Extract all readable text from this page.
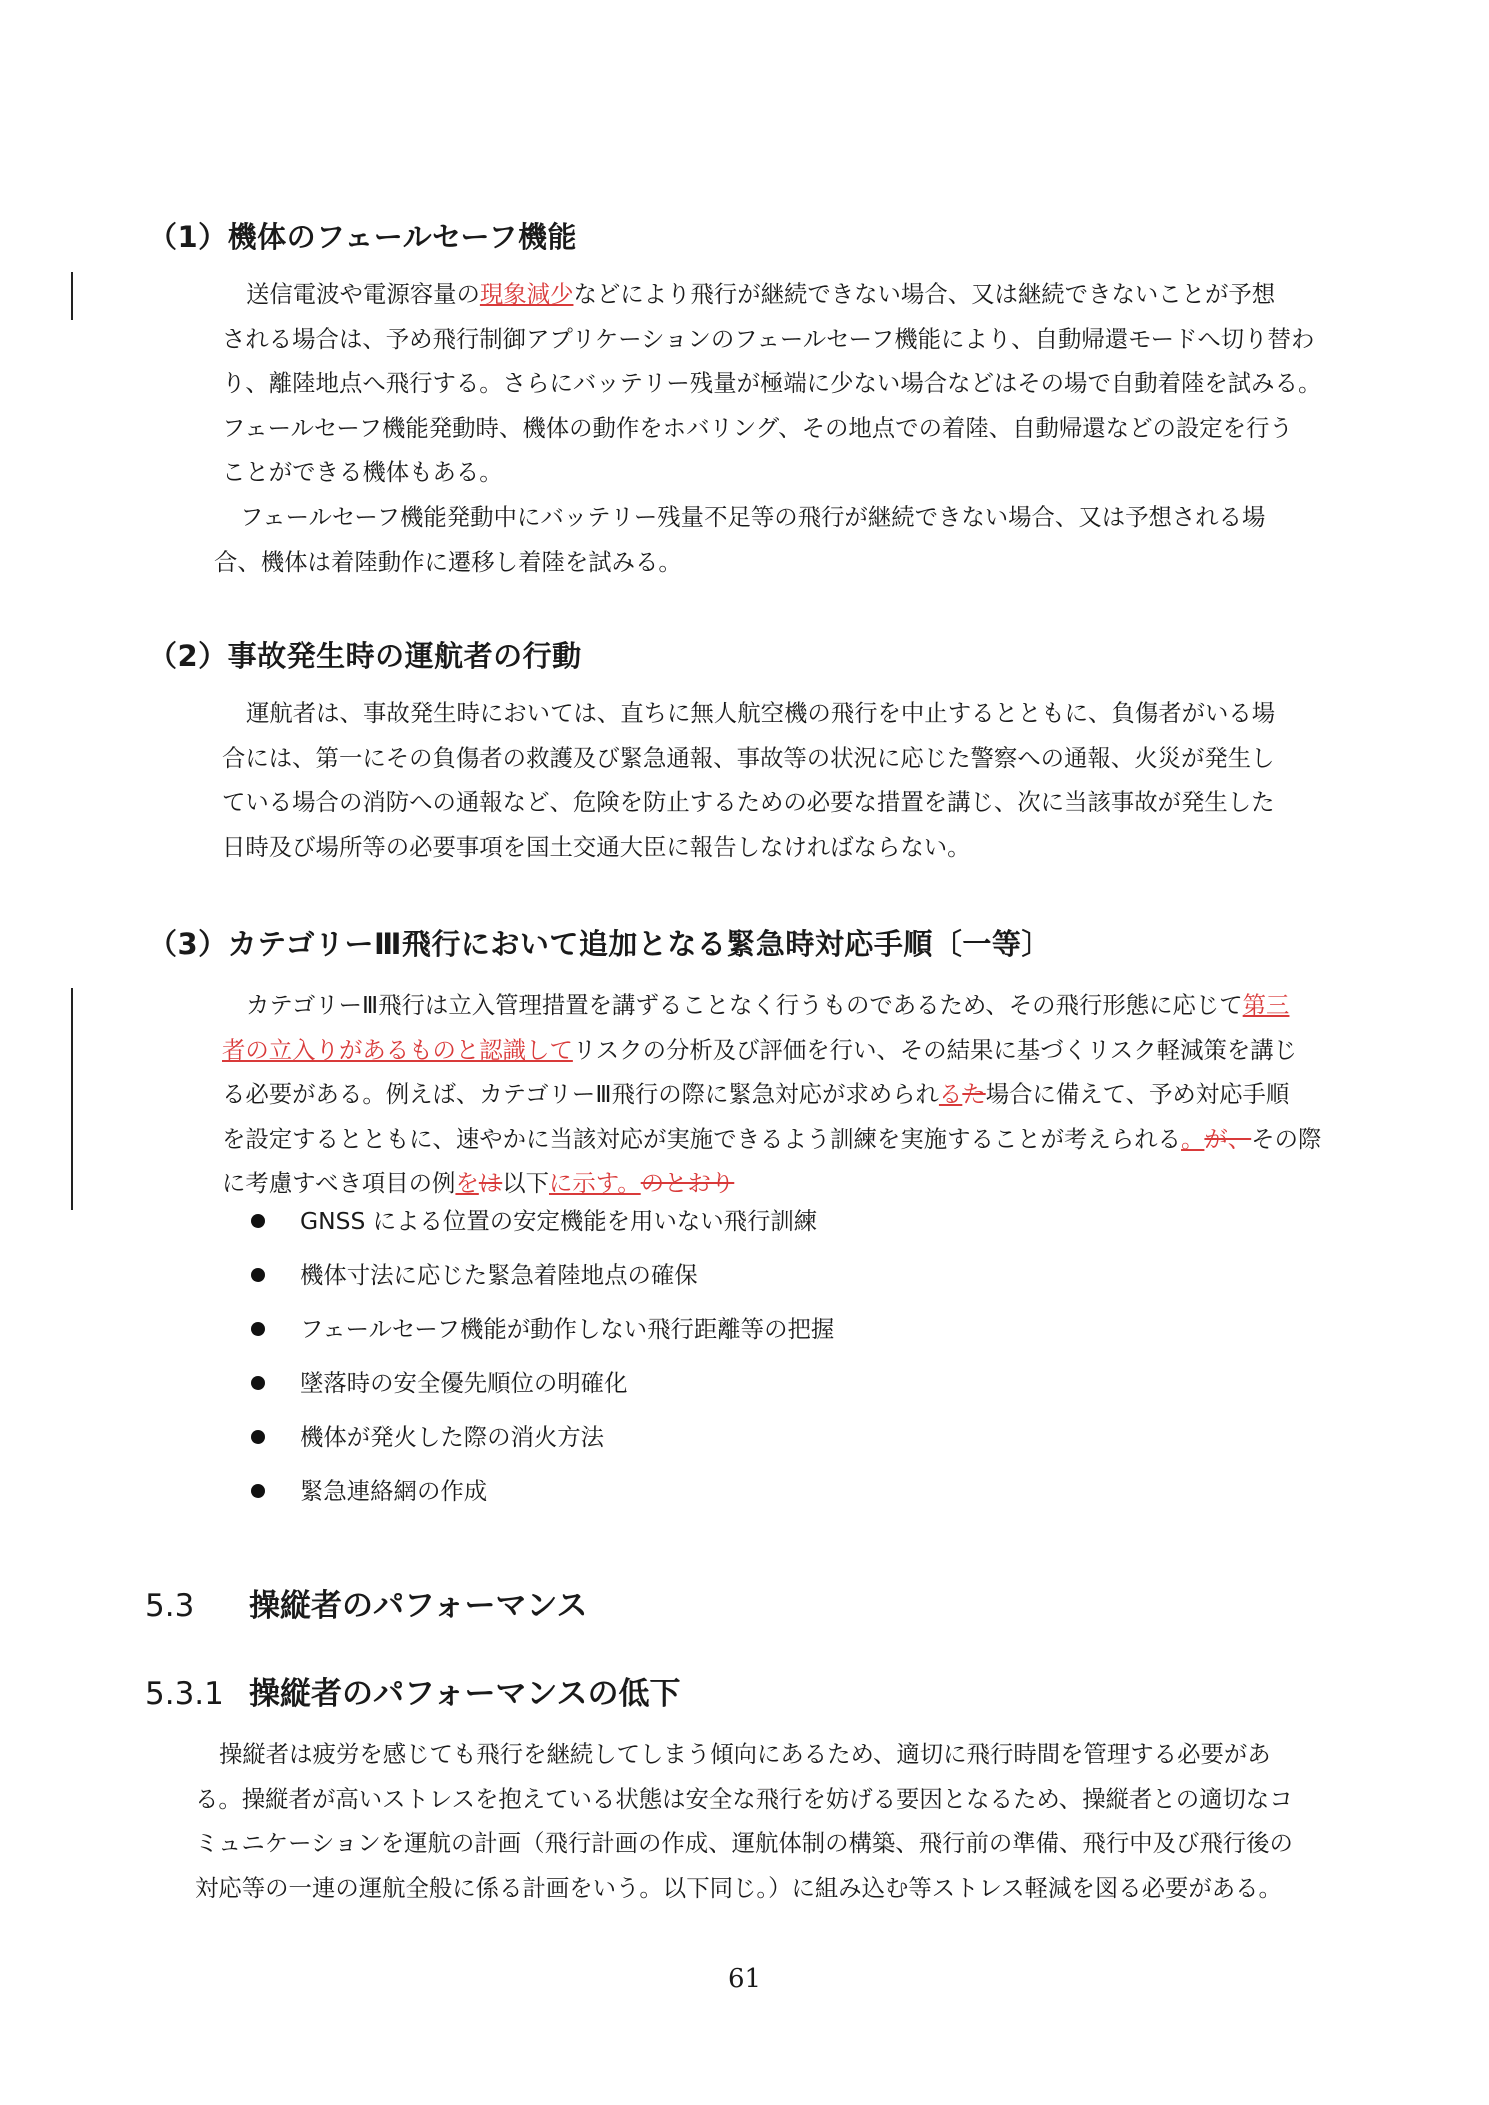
（1）機体のフェールセーフ機能
送信電波や電源容量の現象減少などにより飛行が継続できない場合、又は継続できないことが予想
される場合は、予め飛行制御アプリケーションのフェールセーフ機能により、自動帰還モードへ切り替わ
り、離陸地点へ飛行する。さらにバッテリー残量が極端に少ない場合などはその場で自動着陸を試みる。
フェールセーフ機能発動時、機体の動作をホバリング、その地点での着陸、自動帰還などの設定を行う
ことができる機体もある。
フェールセーフ機能発動中にバッテリー残量不足等の飛行が継続できない場合、又は予想される場
合、機体は着陸動作に遷移し着陸を試みる。
（2）事故発生時の運航者の行動
運航者は、事故発生時においては、直ちに無人航空機の飛行を中止するとともに、負傷者がいる場
合には、第一にその負傷者の救護及び緊急通報、事故等の状況に応じた警察への通報、火災が発生し
ている場合の消防への通報など、危険を防止するための必要な措置を講じ、次に当該事故が発生した
日時及び場所等の必要事項を国土交通大臣に報告しなければならない。
（3）カテゴリーⅢ飛行において追加となる緊急時対応手順〔一等〕
カテゴリーⅢ飛行は立入管理措置を講ずることなく行うものであるため、その飛行形態に応じて第三
者の立入りがあるものと認識してリスクの分析及び評価を行い、その結果に基づくリスク軽減策を講じ
る必要がある。例えば、カテゴリーⅢ飛行の際に緊急対応が求められるた場合に備えて、予め対応手順
を設定するとともに、速やかに当該対応が実施できるよう訓練を実施することが考えられる。が、その際
に考慮すべき項目の例をは以下に示す。のとおり
GNSS による位置の安定機能を用いない飛行訓練
機体寸法に応じた緊急着陸地点の確保
フェールセーフ機能が動作しない飛行距離等の把握
墜落時の安全優先順位の明確化
機体が発火した際の消火方法
緊急連絡網の作成
5.3 操縦者のパフォーマンス
5.3.1 操縦者のパフォーマンスの低下
操縦者は疲労を感じても飛行を継続してしまう傾向にあるため、適切に飛行時間を管理する必要があ
る。操縦者が高いストレスを抱えている状態は安全な飛行を妨げる要因となるため、操縦者との適切なコ
ミュニケーションを運航の計画（飛行計画の作成、運航体制の構築、飛行前の準備、飛行中及び飛行後の
対応等の一連の運航全般に係る計画をいう。以下同じ。）に組み込む等ストレス軽減を図る必要がある。
61
